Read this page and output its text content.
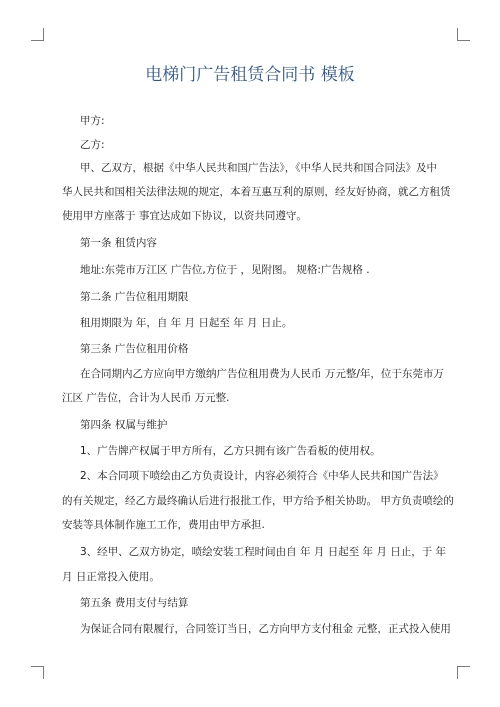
电梯门广告租赁合同书 模板
甲方:
乙方:
甲、乙双方，根据《中华人民共和国广告法》，《中华人民共和国合同法》及中
华人民共和国相关法律法规的规定，本着互惠互利的原则，经友好协商，就乙方租赁
使用甲方座落于 事宜达成如下协议，以资共同遵守。
第一条 租赁内容
地址:东莞市万江区 广告位,方位于 ，见附图。 规格:广告规格 .
第二条 广告位租用期限
租用期限为 年，自 年 月 日起至 年 月 日止。
第三条 广告位租用价格
在合同期内乙方应向甲方缴纳广告位租用费为人民币 万元整/年，位于东莞市万
江区 广告位，合计为人民币 万元整.
第四条 权属与维护
1、广告牌产权属于甲方所有，乙方只拥有该广告看板的使用权。
2、本合同项下喷绘由乙方负责设计，内容必须符合《中华人民共和国广告法》
的有关规定，经乙方最终确认后进行报批工作，甲方给予相关协助。 甲方负责喷绘的
安装等具体制作施工工作，费用由甲方承担.
3、经甲、乙双方协定，喷绘安装工程时间由自 年 月 日起至 年 月 日止，于 年
月 日正常投入使用。
第五条 费用支付与结算
为保证合同有限履行，合同签订当日，乙方向甲方支付租金 元整，正式投入使用
